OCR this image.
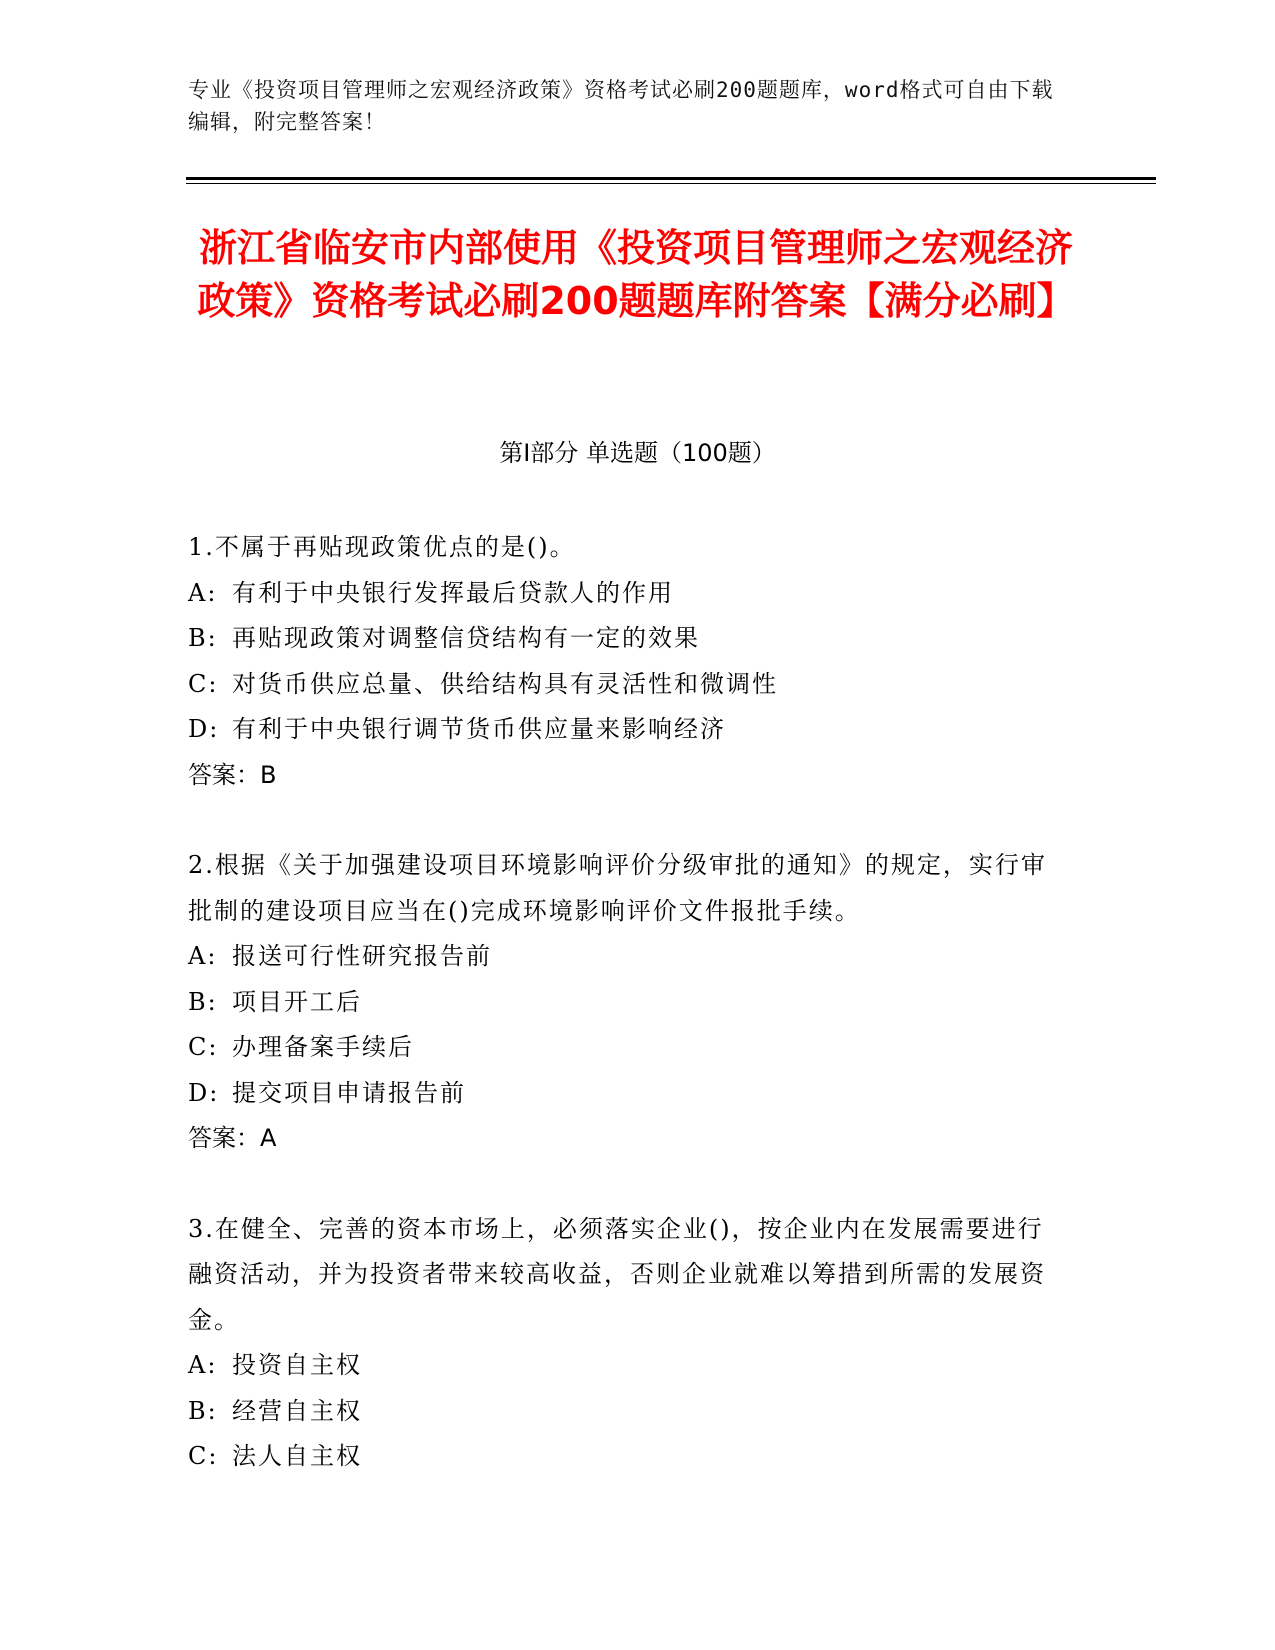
专业《投资项目管理师之宏观经济政策》资格考试必刷200题题库，word格式可自由下载编辑，附完整答案！
浙江省临安市内部使用《投资项目管理师之宏观经济政策》资格考试必刷200题题库附答案【满分必刷】
第Ⅰ部分 单选题（100题）

1.不属于再贴现政策优点的是()。

A: 有利于中央银行发挥最后贷款人的作用

B: 再贴现政策对调整信贷结构有一定的效果

C: 对货币供应总量、供给结构具有灵活性和微调性

D: 有利于中央银行调节货币供应量来影响经济

答案：B

2.根据《关于加强建设项目环境影响评价分级审批的通知》的规定，实行审批制的建设项目应当在()完成环境影响评价文件报批手续。

A: 报送可行性研究报告前

B: 项目开工后

C: 办理备案手续后

D: 提交项目申请报告前

答案：A

3.在健全、完善的资本市场上，必须落实企业()，按企业内在发展需要进行融资活动，并为投资者带来较高收益，否则企业就难以筹措到所需的发展资金。

A: 投资自主权

B: 经营自主权

C: 法人自主权
